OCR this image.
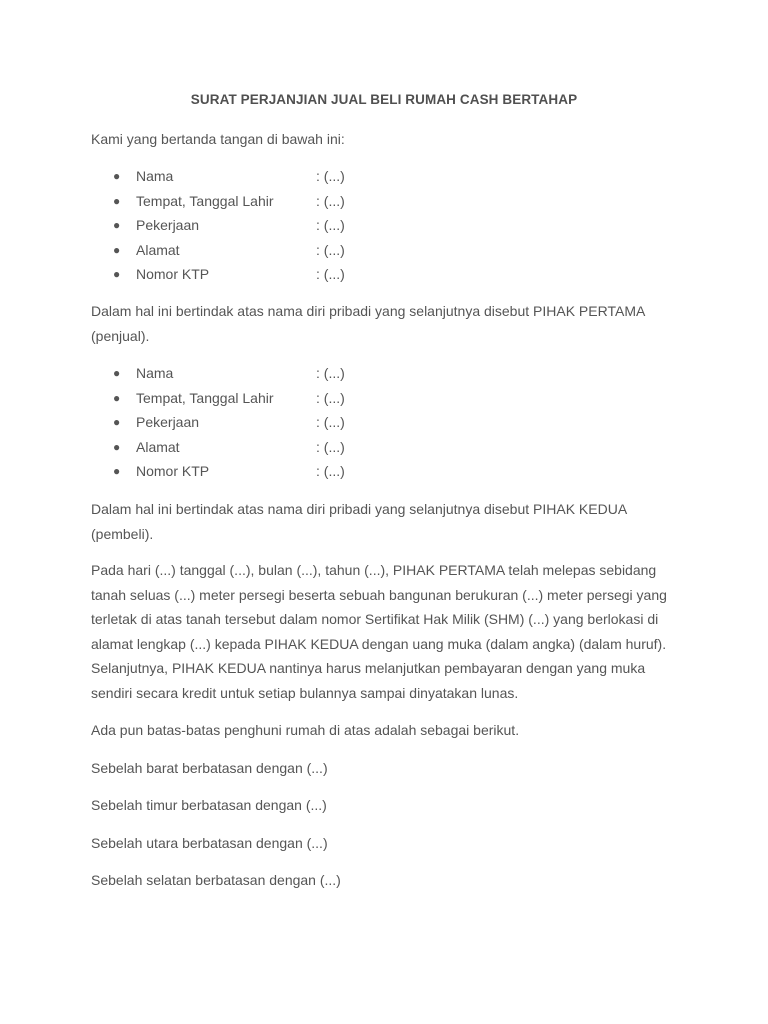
SURAT PERJANJIAN JUAL BELI RUMAH CASH BERTAHAP

Kami yang bertanda tangan di bawah ini:

● Nama	: (...)
● Tempat, Tanggal Lahir	: (...)
● Pekerjaan	: (...)
● Alamat	: (...)
● Nomor KTP	: (...)

Dalam hal ini bertindak atas nama diri pribadi yang selanjutnya disebut PIHAK PERTAMA (penjual).

● Nama	: (...)
● Tempat, Tanggal Lahir	: (...)
● Pekerjaan	: (...)
● Alamat	: (...)
● Nomor KTP	: (...)

Dalam hal ini bertindak atas nama diri pribadi yang selanjutnya disebut PIHAK KEDUA (pembeli).

Pada hari (...) tanggal (...), bulan (...), tahun (...), PIHAK PERTAMA telah melepas sebidang tanah seluas (...) meter persegi beserta sebuah bangunan berukuran (...) meter persegi yang terletak di atas tanah tersebut dalam nomor Sertifikat Hak Milik (SHM) (...) yang berlokasi di alamat lengkap (...) kepada PIHAK KEDUA dengan uang muka (dalam angka) (dalam huruf). Selanjutnya, PIHAK KEDUA nantinya harus melanjutkan pembayaran dengan yang muka sendiri secara kredit untuk setiap bulannya sampai dinyatakan lunas.

Ada pun batas-batas penghuni rumah di atas adalah sebagai berikut.

Sebelah barat berbatasan dengan (...)

Sebelah timur berbatasan dengan (...)

Sebelah utara berbatasan dengan (...)

Sebelah selatan berbatasan dengan (...)
